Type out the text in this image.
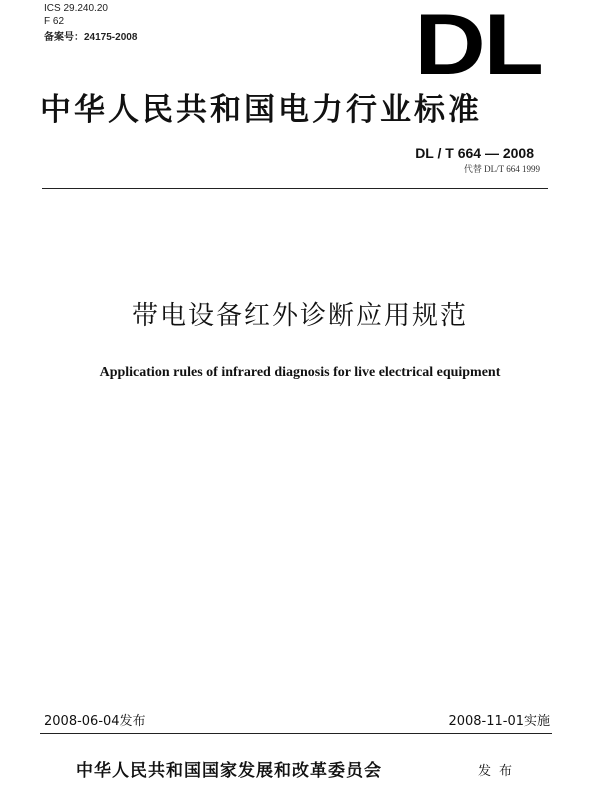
ICS 29.240.20
F 62
备案号：24175-2008	DL
中华人民共和国电力行业标准
DL / T 664 — 2008
代替 DL/T 664 1999
带电设备红外诊断应用规范
Application rules of infrared diagnosis for live electrical equipment
2008-06-04发布	2008-11-01实施
中华人民共和国国家发展和改革委员会	发布
